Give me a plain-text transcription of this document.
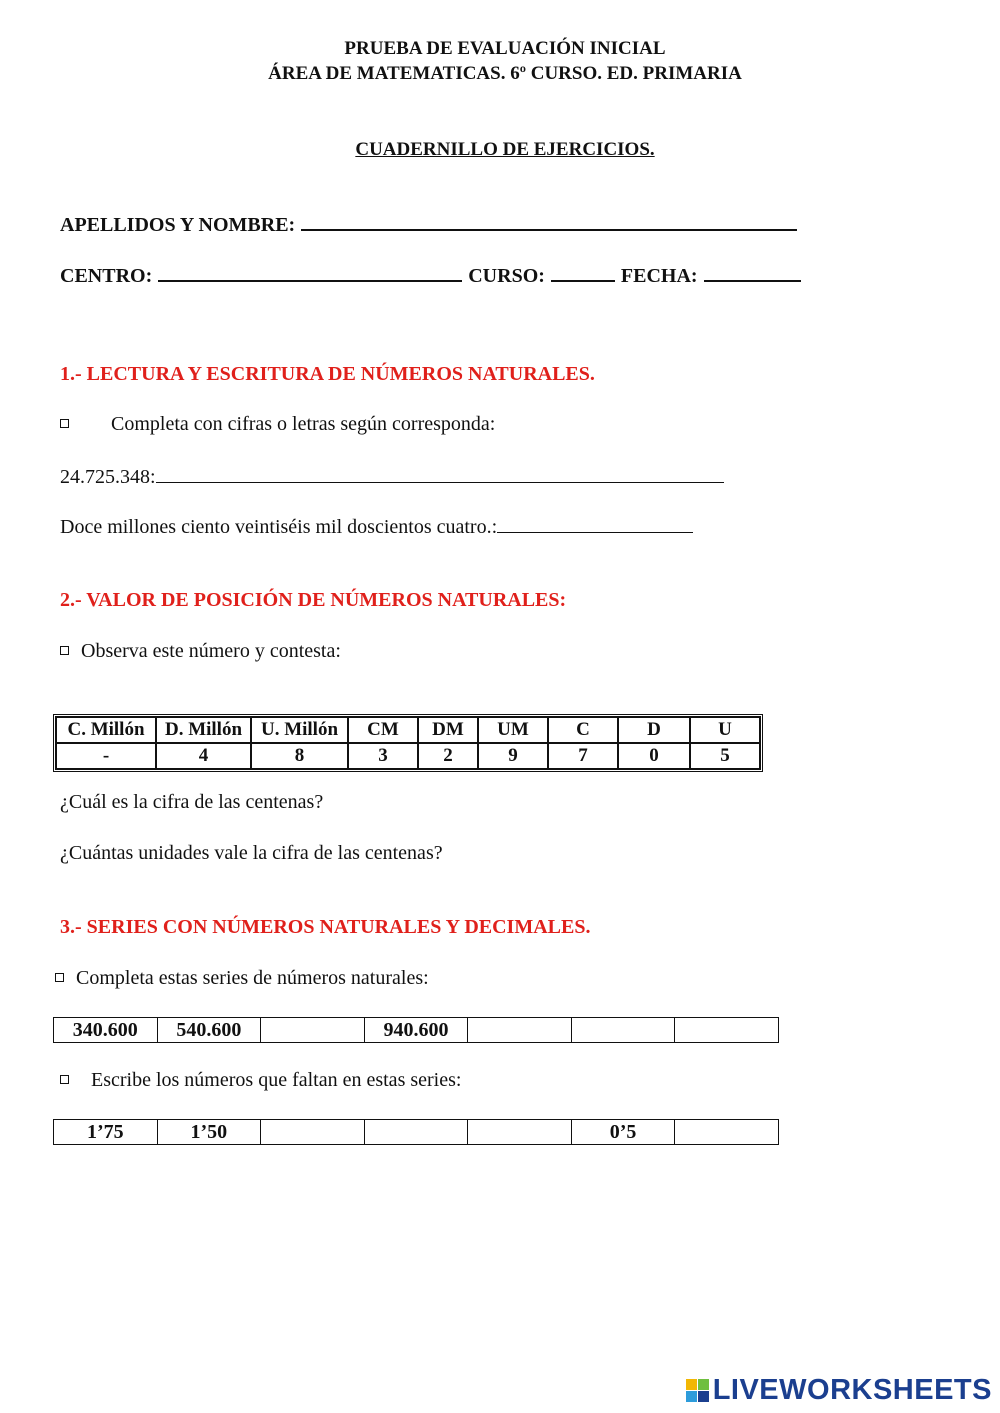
PRUEBA DE EVALUACIÓN INICIAL
ÁREA DE MATEMATICAS. 6º CURSO. ED. PRIMARIA
CUADERNILLO DE EJERCICIOS.
APELLIDOS Y NOMBRE:
CENTRO:	CURSO:	FECHA:
1.- LECTURA Y ESCRITURA DE NÚMEROS NATURALES.
Completa con cifras o letras según corresponda:
24.725.348:
Doce millones ciento veintiséis mil doscientos cuatro.:
2.- VALOR DE POSICIÓN DE NÚMEROS NATURALES:
Observa este número y contesta:
C. Millón	D. Millón	U. Millón	CM	DM	UM	C	D	U
-	4	8	3	2	9	7	0	5
¿Cuál es la cifra de las centenas?
¿Cuántas unidades vale la cifra de las centenas?
3.- SERIES CON NÚMEROS NATURALES Y DECIMALES.
Completa estas series de números naturales:
340.600	540.600		940.600			
Escribe los números que faltan en estas series:
1’75	1’50				0’5	
LIVEWORKSHEETS
